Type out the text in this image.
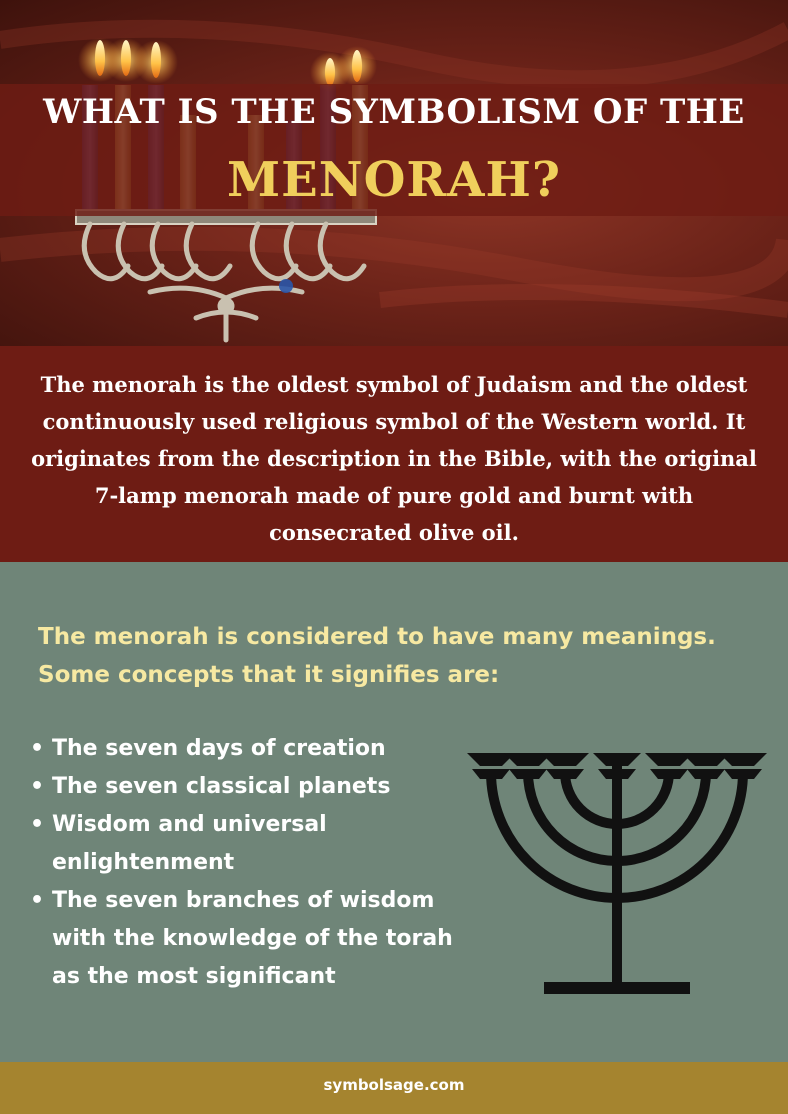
WHAT IS THE SYMBOLISM OF THE
MENORAH?
The menorah is the oldest symbol of Judaism and the oldest continuously used religious symbol of the Western world. It originates from the description in the Bible, with the original 7-lamp menorah made of pure gold and burnt with consecrated olive oil.
The menorah is considered to have many meanings. Some concepts that it signifies are:
• The seven days of creation
• The seven classical planets
• Wisdom and universal enlightenment
• The seven branches of wisdom with the knowledge of the torah as the most significant
symbolsage.com
